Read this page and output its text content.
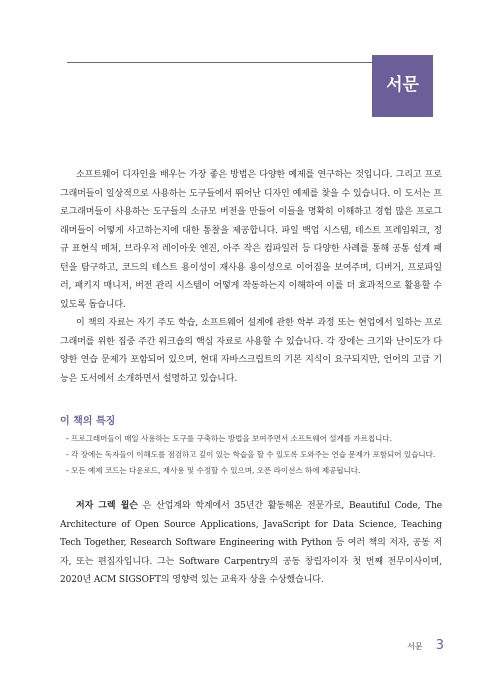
서문

소프트웨어 디자인을 배우는 가장 좋은 방법은 다양한 예제를 연구하는 것입니다. 그리고 프로그래머들이 일상적으로 사용하는 도구들에서 뛰어난 디자인 예제를 찾을 수 있습니다. 이 도서는 프로그래머들이 사용하는 도구들의 소규모 버전을 만들어 이들을 명확히 이해하고 경험 많은 프로그래머들이 어떻게 사고하는지에 대한 통찰을 제공합니다. 파일 백업 시스템, 테스트 프레임워크, 정규 표현식 매처, 브라우저 레이아웃 엔진, 아주 작은 컴파일러 등 다양한 사례를 통해 공통 설계 패턴을 탐구하고, 코드의 테스트 용이성이 재사용 용이성으로 이어짐을 보여주며, 디버거, 프로파일러, 패키지 매니저, 버전 관리 시스템이 어떻게 작동하는지 이해하여 이를 더 효과적으로 활용할 수 있도록 돕습니다.

이 책의 자료는 자기 주도 학습, 소프트웨어 설계에 관한 학부 과정 또는 현업에서 일하는 프로그래머를 위한 집중 주간 워크숍의 핵심 자료로 사용할 수 있습니다. 각 장에는 크기와 난이도가 다양한 연습 문제가 포함되어 있으며, 현대 자바스크립트의 기본 지식이 요구되지만, 언어의 고급 기능은 도서에서 소개하면서 설명하고 있습니다.

이 책의 특징
- 프로그래머들이 매일 사용하는 도구를 구축하는 방법을 보여주면서 소프트웨어 설계를 가르칩니다.
- 각 장에는 독자들이 이해도를 점검하고 깊이 있는 학습을 할 수 있도록 도와주는 연습 문제가 포함되어 있습니다.
- 모든 예제 코드는 다운로드, 재사용 및 수정할 수 있으며, 오픈 라이선스 하에 제공됩니다.

저자 그렉 윌슨 은 산업계와 학계에서 35년간 활동해온 전문가로, Beautiful Code, The Architecture of Open Source Applications, JavaScript for Data Science, Teaching Tech Together, Research Software Engineering with Python 등 여러 책의 저자, 공동 저자, 또는 편집자입니다. 그는 Software Carpentry의 공동 창립자이자 첫 번째 전무이사이며, 2020년 ACM SIGSOFT의 영향력 있는 교육자 상을 수상했습니다.

서문 3
